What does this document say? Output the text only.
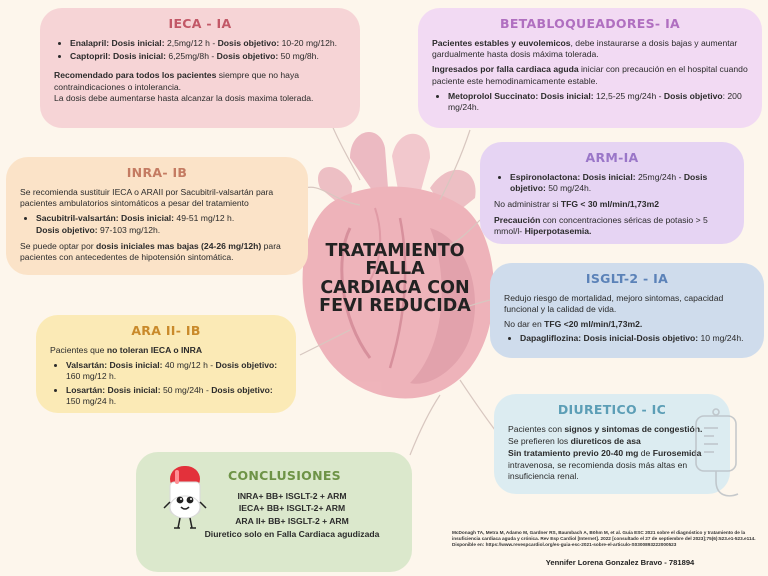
IECA - IA
• Enalapril: Dosis inicial: 2,5mg/12 h - Dosis objetivo: 10-20 mg/12h.
• Captopril: Dosis inicial: 6,25mg/8h - Dosis objetivo: 50 mg/8h.

Recomendado para todos los pacientes siempre que no haya contraindicaciones o intolerancia.
La dosis debe aumentarse hasta alcanzar la dosis maxima tolerada.

INRA- IB

Se recomienda sustituir IECA o ARAII por Sacubitril-valsartán para pacientes ambulatorios sintomáticos a pesar del tratamiento

• Sacubitril-valsartán: Dosis inicial: 49-51 mg/12 h.
Dosis objetivo: 97-103 mg/12h.

Se puede optar por dosis iniciales mas bajas (24-26 mg/12h) para pacientes con antecedentes de hipotensión sintomática.

ARA II- IB

Pacientes que no toleran IECA o INRA

• Valsartán: Dosis inicial: 40 mg/12 h - Dosis objetivo: 160 mg/12 h.
• Losartán: Dosis inicial: 50 mg/24h - Dosis objetivo: 150 mg/24 h.
BETABLOQUEADORES- IA

Pacientes estables y euvolemicos, debe instaurarse a dosis bajas y aumentar gardualmente hasta dosis máxima tolerada.

Ingresados por falla cardiaca aguda iniciar con precaución en el hospital cuando paciente este hemodinamicamente estable.

• Metoprolol Succinato: Dosis inicial: 12,5-25 mg/24h - Dosis objetivo: 200 mg/24h.
ARM-IA
• Espironolactona: Dosis inicial: 25mg/24h - Dosis objetivo: 50 mg/24h.

No administrar si TFG < 30 ml/min/1,73m2

Precaución con concentraciones séricas de potasio > 5 mmol/l- Hiperpotasemia.

ISGLT-2 - IA

Redujo riesgo de mortalidad, mejoro sintomas, capacidad funcional y la calidad de vida.

No dar en TFG <20 ml/min/1,73m2.

• Dapagliflozina: Dosis inicial-Dosis objetivo: 10 mg/24h.
DIURETICO - IC

Pacientes con signos y sintomas de congestión.

Se prefieren los diureticos de asa

Sin tratamiento previo 20-40 mg de Furosemida intravenosa, se recomienda dosis más altas en insuficiencia renal.

CONCLUSIONES
INRA+ BB+ ISGLT-2 + ARM
IECA+ BB+ ISGLT-2+ ARM
ARA II+ BB+ ISGLT-2 + ARM
Diuretico solo en Falla Cardiaca agudizada
TRATAMIENTO
FALLA
CARDIACA CON
FEVI REDUCIDA
McDonagh TA, Metra M, Adamo M, Gardner RS, Baumbach A, Böhm M, et al. Guía ESC 2021 sobre el diagnóstico y tratamiento de la insuficiencia cardiaca aguda y crónica. Rev Esp Cardiol [Internet]. 2022 [consultado el 27 de septiembre del 2023];75(6):523.e1-523.e114. Disponible en: https://www.revespcardiol.org/es-guia-esc-2021-sobre-el-articulo-S0300893222000523
Yennifer Lorena Gonzalez Bravo - 781894
